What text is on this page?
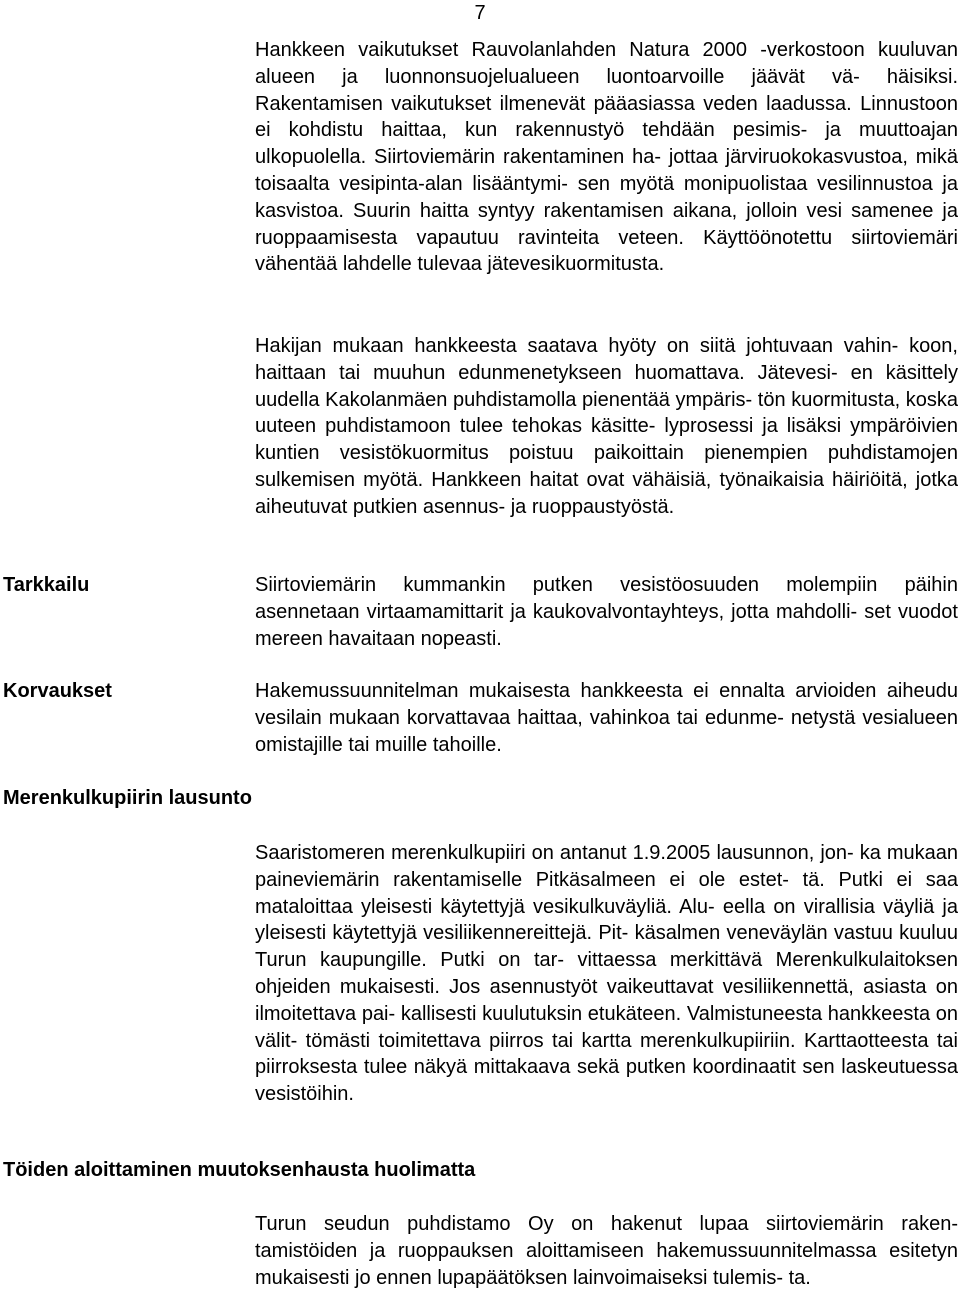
7

Hankkeen vaikutukset Rauvolanlahden Natura 2000 -verkostoon kuuluvan alueen ja luonnonsuojelualueen luontoarvoille jäävät vä- häisiksi. Rakentamisen vaikutukset ilmenevät pääasiassa veden laadussa. Linnustoon ei kohdistu haittaa, kun rakennustyö tehdään pesimis- ja muuttoajan ulkopuolella. Siirtoviemärin rakentaminen ha- jottaa järviruokokasvustoa, mikä toisaalta vesipinta-alan lisääntymi- sen myötä monipuolistaa vesilinnustoa ja kasvistoa. Suurin haitta syntyy rakentamisen aikana, jolloin vesi samenee ja ruoppaamisesta vapautuu ravinteita veteen. Käyttöönotettu siirtoviemäri vähentää lahdelle tulevaa jätevesikuormitusta.

Hakijan mukaan hankkeesta saatava hyöty on siitä johtuvaan vahin- koon, haittaan tai muuhun edunmenetykseen huomattava. Jätevesi- en käsittely uudella Kakolanmäen puhdistamolla pienentää ympäris- tön kuormitusta, koska uuteen puhdistamoon tulee tehokas käsitte- lyprosessi ja lisäksi ympäröivien kuntien vesistökuormitus poistuu paikoittain pienempien puhdistamojen sulkemisen myötä. Hankkeen haitat ovat vähäisiä, työnaikaisia häiriöitä, jotka aiheutuvat putkien asennus- ja ruoppaustyöstä.

Tarkkailu	Siirtoviemärin kummankin putken vesistöosuuden molempiin päihin asennetaan virtaamamittarit ja kaukovalvontayhteys, jotta mahdolli- set vuodot mereen havaitaan nopeasti.

Korvaukset	Hakemussuunnitelman mukaisesta hankkeesta ei ennalta arvioiden aiheudu vesilain mukaan korvattavaa haittaa, vahinkoa tai edunme- netystä vesialueen omistajille tai muille tahoille.

Merenkulkupiirin lausunto

Saaristomeren merenkulkupiiri on antanut 1.9.2005 lausunnon, jon- ka mukaan paineviemärin rakentamiselle Pitkäsalmeen ei ole estet- tä. Putki ei saa mataloittaa yleisesti käytettyjä vesikulkuväyliä. Alu- eella on virallisia väyliä ja yleisesti käytettyjä vesiliikennereittejä. Pit- käsalmen veneväylän vastuu kuuluu Turun kaupungille. Putki on tar- vittaessa merkittävä Merenkulkulaitoksen ohjeiden mukaisesti. Jos asennustyöt vaikeuttavat vesiliikennettä, asiasta on ilmoitettava pai- kallisesti kuulutuksin etukäteen. Valmistuneesta hankkeesta on välit- tömästi toimitettava piirros tai kartta merenkulkupiiriin. Karttaotteesta tai piirroksesta tulee näkyä mittakaava sekä putken koordinaatit sen laskeutuessa vesistöihin.

Töiden aloittaminen muutoksenhausta huolimatta

Turun seudun puhdistamo Oy on hakenut lupaa siirtoviemärin raken- tamistöiden ja ruoppauksen aloittamiseen hakemussuunnitelmassa esitetyn mukaisesti jo ennen lupapäätöksen lainvoimaiseksi tulemis- ta.
